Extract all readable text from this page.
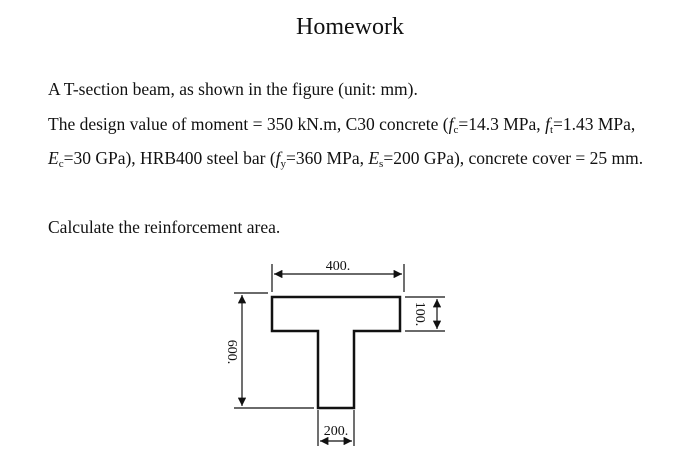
Homework

A T-section beam, as shown in the figure (unit: mm).

The design value of moment = 350 kN.m, C30 concrete ($f_c=14.3$ MPa, $f_t=1.43$ MPa, $E_c=30$ GPa), HRB400 steel bar ($f_y=360$ MPa, $E_s=200$ GPa), concrete cover = 25 mm.

Calculate the reinforcement area.

400.
100.
600.
200.
